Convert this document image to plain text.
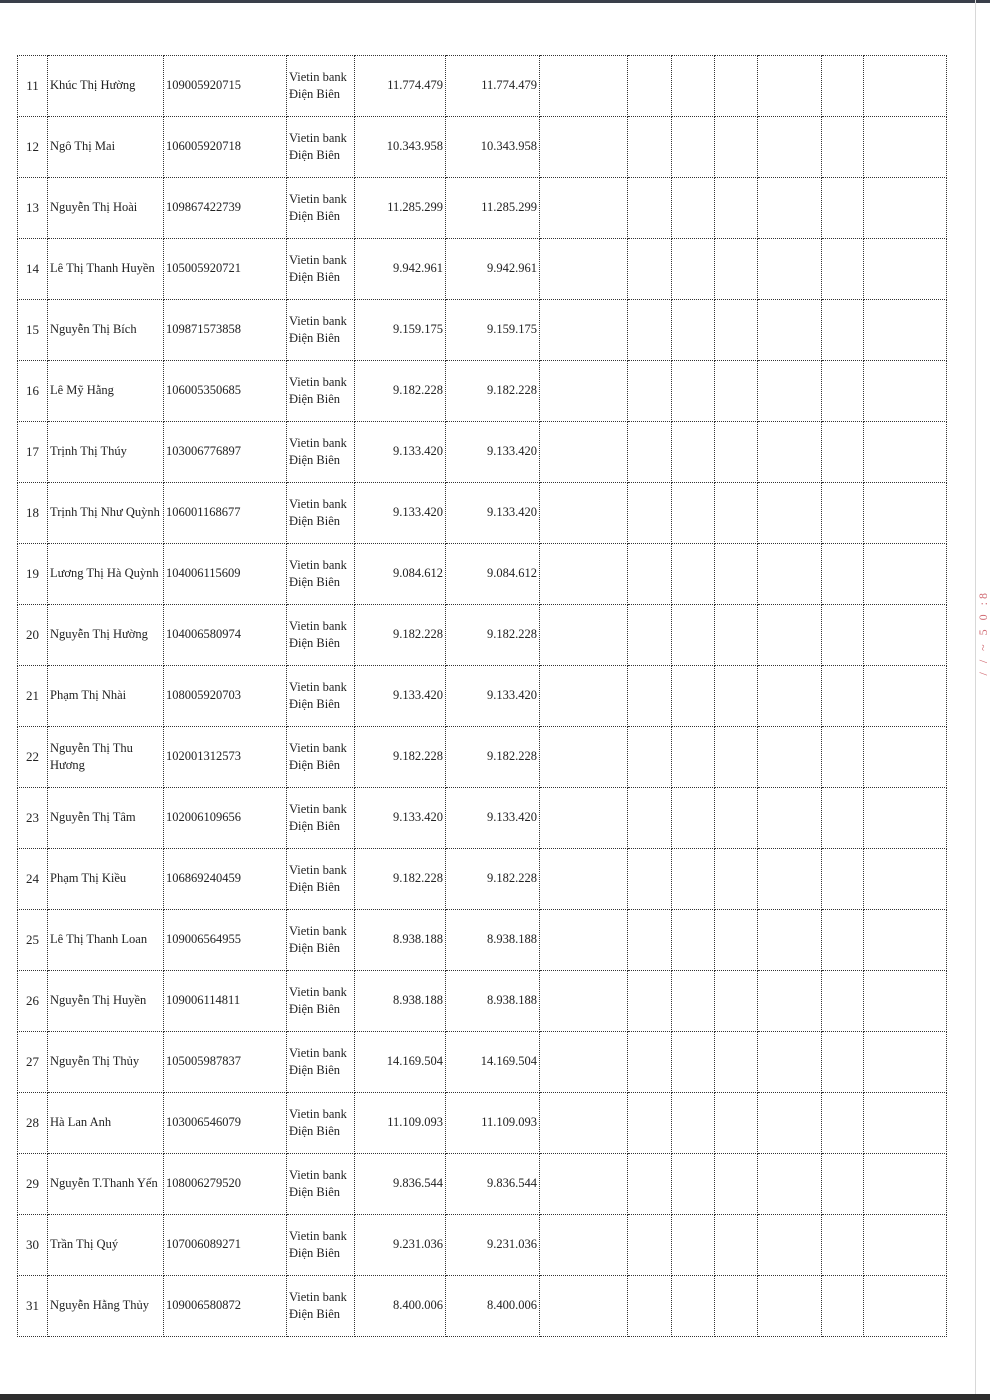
11	Khúc Thị Hường	109005920715	Vietin bank Điện Biên	11.774.479	11.774.479							
12	Ngô Thị Mai	106005920718	Vietin bank Điện Biên	10.343.958	10.343.958							
13	Nguyễn Thị Hoài	109867422739	Vietin bank Điện Biên	11.285.299	11.285.299							
14	Lê Thị Thanh Huyền	105005920721	Vietin bank Điện Biên	9.942.961	9.942.961							
15	Nguyễn Thị Bích	109871573858	Vietin bank Điện Biên	9.159.175	9.159.175							
16	Lê Mỹ Hằng	106005350685	Vietin bank Điện Biên	9.182.228	9.182.228							
17	Trịnh Thị Thúy	103006776897	Vietin bank Điện Biên	9.133.420	9.133.420							
18	Trịnh Thị Như Quỳnh	106001168677	Vietin bank Điện Biên	9.133.420	9.133.420							
19	Lương Thị Hà Quỳnh	104006115609	Vietin bank Điện Biên	9.084.612	9.084.612							
20	Nguyễn Thị Hường	104006580974	Vietin bank Điện Biên	9.182.228	9.182.228							
21	Phạm Thị Nhài	108005920703	Vietin bank Điện Biên	9.133.420	9.133.420							
22	Nguyễn Thị Thu Hương	102001312573	Vietin bank Điện Biên	9.182.228	9.182.228							
23	Nguyễn Thị Tâm	102006109656	Vietin bank Điện Biên	9.133.420	9.133.420							
24	Phạm Thị Kiều	106869240459	Vietin bank Điện Biên	9.182.228	9.182.228							
25	Lê Thị Thanh Loan	109006564955	Vietin bank Điện Biên	8.938.188	8.938.188							
26	Nguyễn Thị Huyền	109006114811	Vietin bank Điện Biên	8.938.188	8.938.188							
27	Nguyễn Thị Thủy	105005987837	Vietin bank Điện Biên	14.169.504	14.169.504							
28	Hà Lan Anh	103006546079	Vietin bank Điện Biên	11.109.093	11.109.093							
29	Nguyễn T.Thanh Yến	108006279520	Vietin bank Điện Biên	9.836.544	9.836.544							
30	Trần Thị Quý	107006089271	Vietin bank Điện Biên	9.231.036	9.231.036							
31	Nguyễn Hằng Thủy	109006580872	Vietin bank Điện Biên	8.400.006	8.400.006							
/ / ~ 5 0 :8
